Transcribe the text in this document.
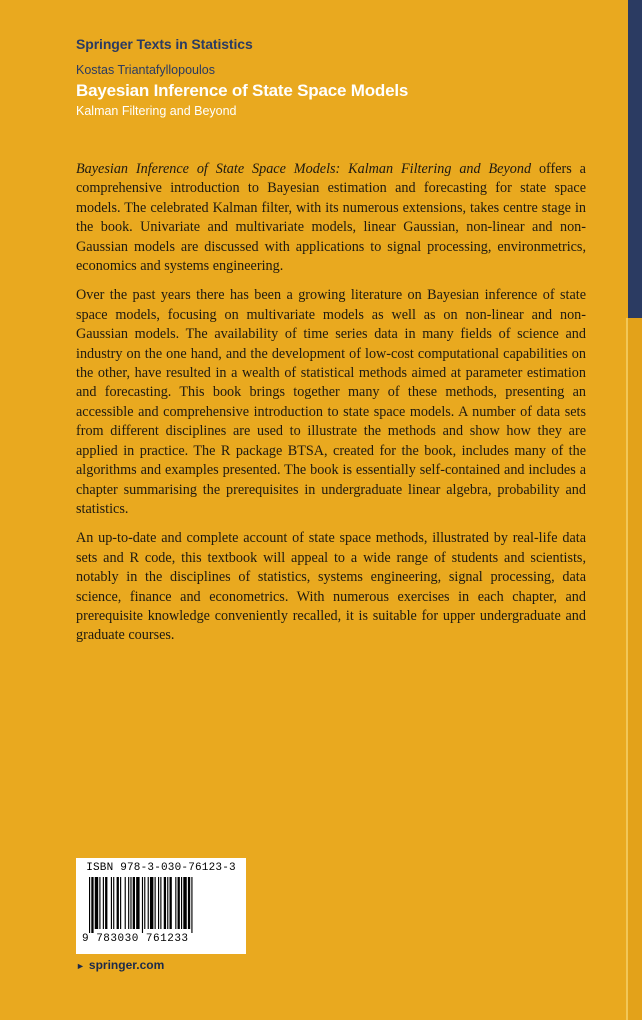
Springer Texts in Statistics
Kostas Triantafyllopoulos
Bayesian Inference of State Space Models
Kalman Filtering and Beyond

Bayesian Inference of State Space Models: Kalman Filtering and Beyond offers a comprehensive introduction to Bayesian estimation and forecasting for state space models. The celebrated Kalman filter, with its numerous extensions, takes centre stage in the book. Univariate and multivariate models, linear Gaussian, non-linear and non-Gaussian models are discussed with applications to signal processing, environmetrics, economics and systems engineering.

Over the past years there has been a growing literature on Bayesian inference of state space models, focusing on multivariate models as well as on non-linear and non-Gaussian models. The availability of time series data in many fields of science and industry on the one hand, and the development of low-cost computational capabilities on the other, have resulted in a wealth of statistical methods aimed at parameter estimation and forecasting. This book brings together many of these methods, presenting an accessible and comprehensive introduction to state space models. A number of data sets from different disciplines are used to illustrate the methods and show how they are applied in practice. The R package BTSA, created for the book, includes many of the algorithms and examples presented. The book is essentially self-contained and includes a chapter summarising the prerequisites in undergraduate linear algebra, probability and statistics.

An up-to-date and complete account of state space methods, illustrated by real-life data sets and R code, this textbook will appeal to a wide range of students and scientists, notably in the disciplines of statistics, systems engineering, signal processing, data science, finance and econometrics. With numerous exercises in each chapter, and prerequisite knowledge conveniently recalled, it is suitable for upper undergraduate and graduate courses.

ISBN 978-3-030-76123-3
9 783030 761233
► springer.com
